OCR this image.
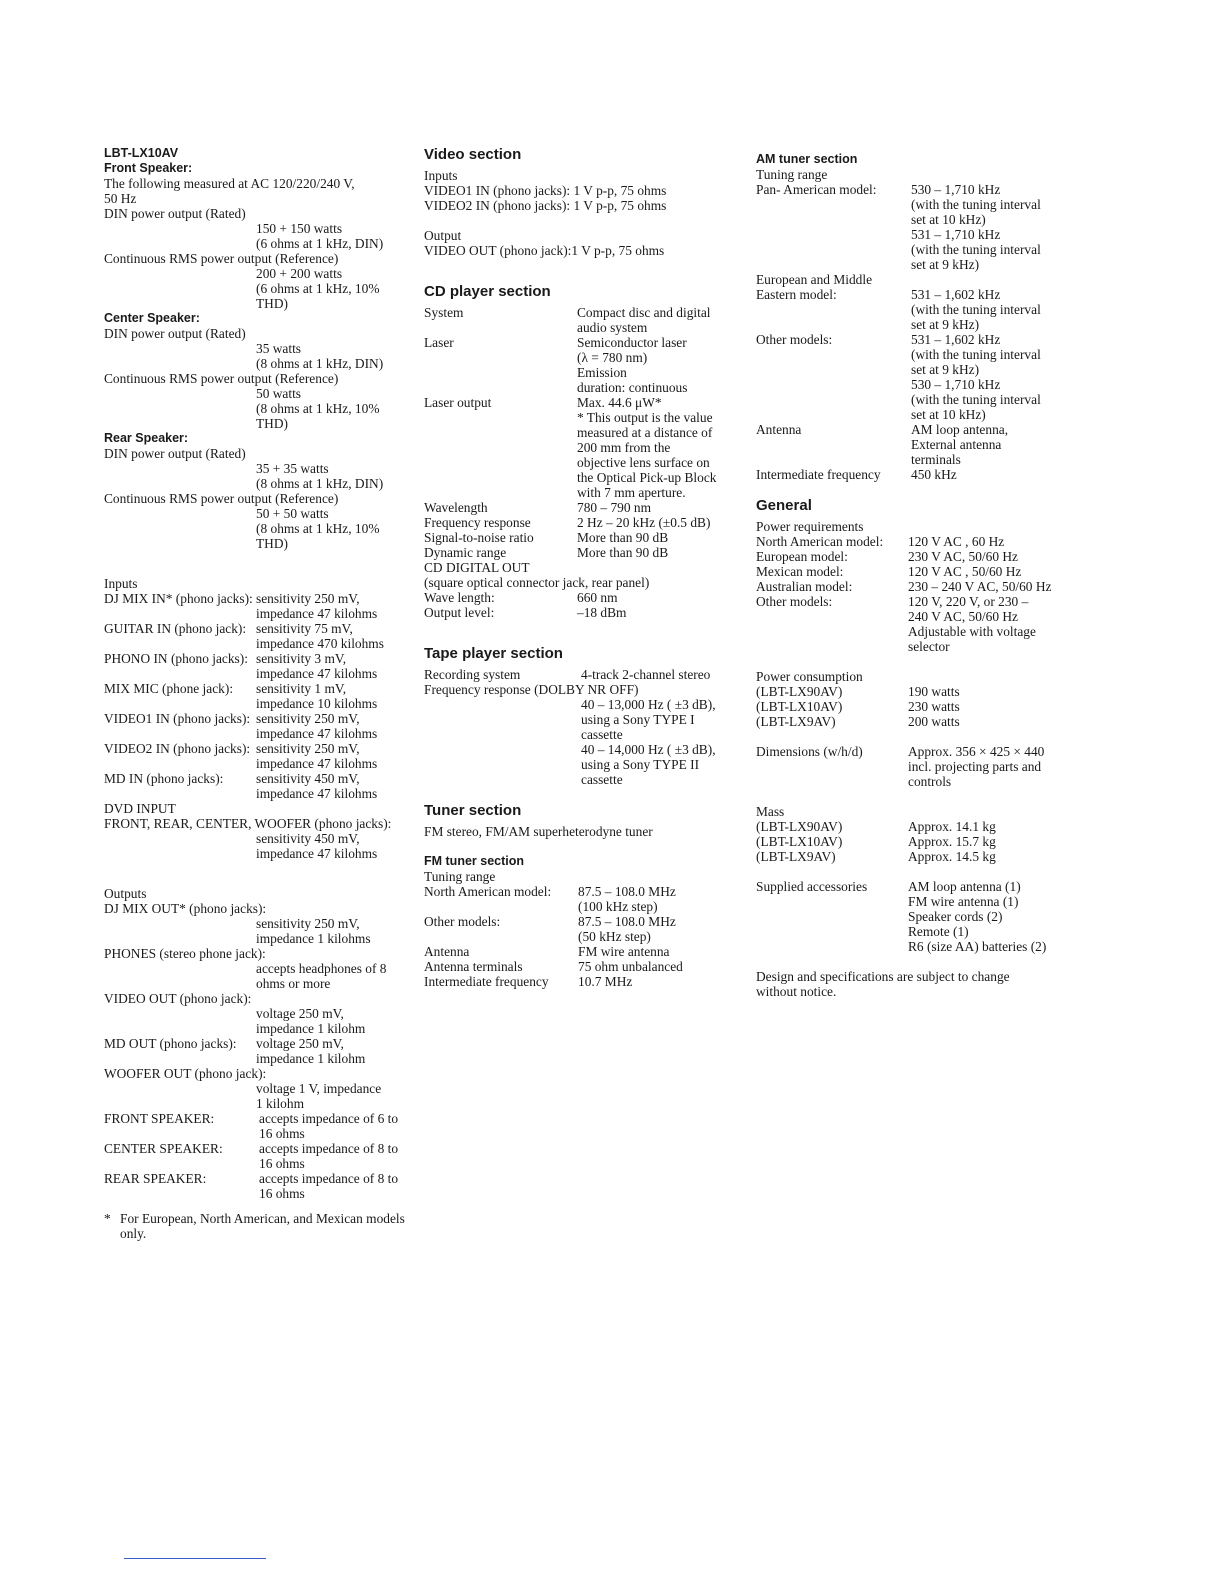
LBT-LX10AV
Front Speaker:
The following measured at AC 120/220/240 V,
50 Hz
DIN power output (Rated)
150 + 150 watts
(6 ohms at 1 kHz, DIN)
Continuous RMS power output (Reference)
200 + 200 watts
(6 ohms at 1 kHz, 10%
THD)
Center Speaker:
DIN power output (Rated)
35 watts
(8 ohms at 1 kHz, DIN)
Continuous RMS power output (Reference)
50 watts
(8 ohms at 1 kHz, 10%
THD)
Rear Speaker:
DIN power output (Rated)
35 + 35 watts
(8 ohms at 1 kHz, DIN)
Continuous RMS power output (Reference)
50 + 50 watts
(8 ohms at 1 kHz, 10%
THD)
Inputs
DJ MIX IN* (phono jacks): sensitivity 250 mV,
impedance 47 kilohms
GUITAR IN (phono jack): sensitivity 75 mV,
impedance 470 kilohms
PHONO IN (phono jacks): sensitivity 3 mV,
impedance 47 kilohms
MIX MIC (phone jack):	sensitivity 1 mV,
impedance 10 kilohms
VIDEO1 IN (phono jacks): sensitivity 250 mV,
impedance 47 kilohms
VIDEO2 IN (phono jacks): sensitivity 250 mV,
impedance 47 kilohms
MD IN (phono jacks):	sensitivity 450 mV,
impedance 47 kilohms
DVD INPUT
FRONT, REAR, CENTER, WOOFER (phono jacks):
sensitivity 450 mV,
impedance 47 kilohms
Outputs
DJ MIX OUT* (phono jacks):
sensitivity 250 mV,
impedance 1 kilohms
PHONES (stereo phone jack):
accepts headphones of 8
ohms or more
VIDEO OUT (phono jack):
voltage 250 mV,
impedance 1 kilohm
MD OUT (phono jacks):	voltage 250 mV,
impedance 1 kilohm
WOOFER OUT (phono jack):
voltage 1 V, impedance
1 kilohm
FRONT SPEAKER:	accepts impedance of 6 to
16 ohms
CENTER SPEAKER:	accepts impedance of 8 to
16 ohms
REAR SPEAKER:	accepts impedance of 8 to
16 ohms
* For European, North American, and Mexican models only.
Video section
Inputs
VIDEO1 IN (phono jacks): 1 V p-p, 75 ohms
VIDEO2 IN (phono jacks): 1 V p-p, 75 ohms
Output
VIDEO OUT (phono jack):1 V p-p, 75 ohms
CD player section
System	Compact disc and digital
audio system
Laser	Semiconductor laser
(λ = 780 nm)
Emission
duration: continuous
Laser output	Max. 44.6 μW*
* This output is the value
measured at a distance of
200 mm from the
objective lens surface on
the Optical Pick-up Block
with 7 mm aperture.
Wavelength	780 – 790 nm
Frequency response	2 Hz – 20 kHz (±0.5 dB)
Signal-to-noise ratio	More than 90 dB
Dynamic range	More than 90 dB
CD DIGITAL OUT
(square optical connector jack, rear panel)
Wave length:	660 nm
Output level:	–18 dBm
Tape player section
Recording system	4-track 2-channel stereo
Frequency response (DOLBY NR OFF)
40 – 13,000 Hz ( ±3 dB),
using a Sony TYPE I
cassette
40 – 14,000 Hz ( ±3 dB),
using a Sony TYPE II
cassette
Tuner section
FM stereo, FM/AM superheterodyne tuner
FM tuner section
Tuning range
North American model:	87.5 – 108.0 MHz
(100 kHz step)
Other models:	87.5 – 108.0 MHz
(50 kHz step)
Antenna	FM wire antenna
Antenna terminals	75 ohm unbalanced
Intermediate frequency	10.7 MHz
AM tuner section
Tuning range
Pan- American model:	530 – 1,710 kHz
(with the tuning interval
set at 10 kHz)
531 – 1,710 kHz
(with the tuning interval
set at 9 kHz)
European and Middle
Eastern model:	531 – 1,602 kHz
(with the tuning interval
set at 9 kHz)
Other models:	531 – 1,602 kHz
(with the tuning interval
set at 9 kHz)
530 – 1,710 kHz
(with the tuning interval
set at 10 kHz)
Antenna	AM loop antenna,
External antenna
terminals
Intermediate frequency	450 kHz
General
Power requirements
North American model:	120 V AC , 60 Hz
European model:	230 V AC, 50/60 Hz
Mexican model:	120 V AC , 50/60 Hz
Australian model:	230 – 240 V AC, 50/60 Hz
Other models:	120 V, 220 V, or 230 –
240 V AC, 50/60 Hz
Adjustable with voltage
selector
Power consumption
(LBT-LX90AV)	190 watts
(LBT-LX10AV)	230 watts
(LBT-LX9AV)	200 watts
Dimensions (w/h/d)	Approx. 356 × 425 × 440
incl. projecting parts and
controls
Mass
(LBT-LX90AV)	Approx. 14.1 kg
(LBT-LX10AV)	Approx. 15.7 kg
(LBT-LX9AV)	Approx. 14.5 kg
Supplied accessories	AM loop antenna (1)
FM wire antenna (1)
Speaker cords (2)
Remote (1)
R6 (size AA) batteries (2)
Design and specifications are subject to change
without notice.
